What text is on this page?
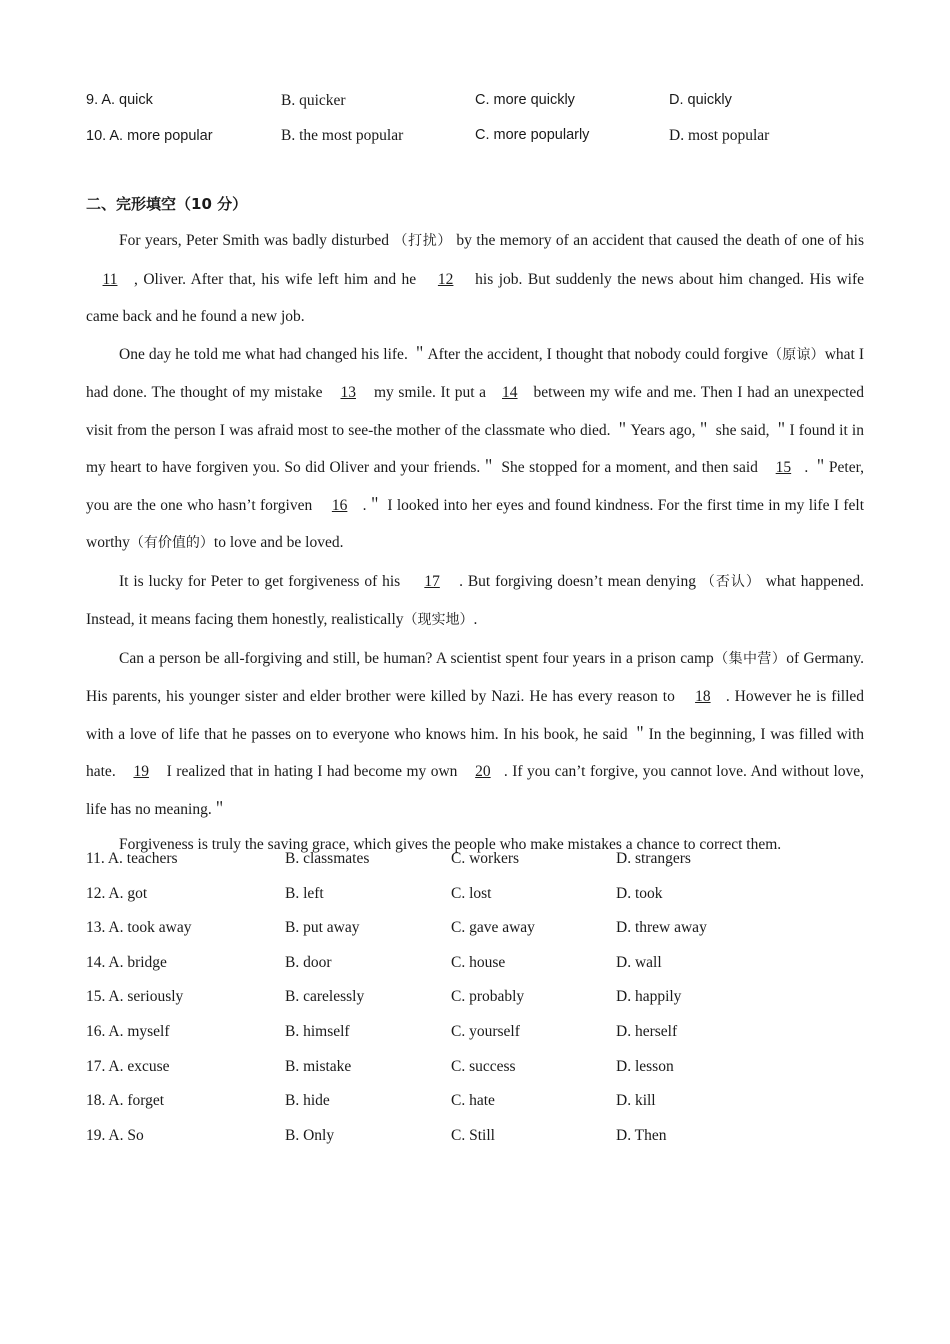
9. A. quick	B. quicker	C. more quickly	D. quickly
10. A. more popular	B. the most popular	C. more popularly	D. most popular
二、完形填空（10 分）

For years, Peter Smith was badly disturbed （打扰） by the memory of an accident that caused the death of one of his 11 , Oliver. After that, his wife left him and he 12 his job. But suddenly the news about him changed. His wife came back and he found a new job.

One day he told me what had changed his life. ＂After the accident, I thought that nobody could forgive（原谅）what I had done. The thought of my mistake 13 my smile. It put a 14 between my wife and me. Then I had an unexpected visit from the person I was afraid most to see-the mother of the classmate who died. ＂Years ago,＂ she said, ＂I found it in my heart to have forgiven you. So did Oliver and your friends.＂ She stopped for a moment, and then said 15 . ＂Peter, you are the one who hasn’t forgiven 16 .＂ I looked into her eyes and found kindness. For the first time in my life I felt worthy（有价值的）to love and be loved.

It is lucky for Peter to get forgiveness of his 17 . But forgiving doesn’t mean denying （否认） what happened. Instead, it means facing them honestly, realistically（现实地）.

Can a person be all-forgiving and still, be human? A scientist spent four years in a prison camp（集中营）of Germany. His parents, his younger sister and elder brother were killed by Nazi. He has every reason to 18 . However he is filled with a love of life that he passes on to everyone who knows him. In his book, he said ＂In the beginning, I was filled with hate. 19 I realized that in hating I had become my own 20 . If you can’t forgive, you cannot love. And without love, life has no meaning.＂

Forgiveness is truly the saving grace, which gives the people who make mistakes a chance to correct them.

11. A. teachers	B. classmates	C. workers	D. strangers
12. A. got	B. left	C. lost	D. took
13. A. took away	B. put away	C. gave away	D. threw away
14. A. bridge	B. door	C. house	D. wall
15. A. seriously	B. carelessly	C. probably	D. happily
16. A. myself	B. himself	C. yourself	D. herself
17. A. excuse	B. mistake	C. success	D. lesson
18. A. forget	B. hide	C. hate	D. kill
19. A. So	B. Only	C. Still	D. Then
